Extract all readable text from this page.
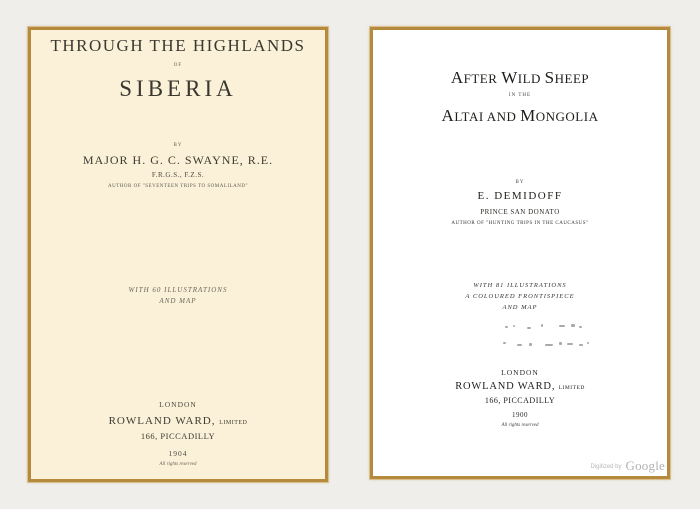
THROUGH THE HIGHLANDS
OF
SIBERIA
BY
MAJOR H. G. C. SWAYNE, R.E.
F.R.G.S., F.Z.S.
AUTHOR OF "SEVENTEEN TRIPS TO SOMALILAND"
WITH 60 ILLUSTRATIONS
AND MAP
LONDON
ROWLAND WARD, LIMITED
166, PICCADILLY
1904
All rights reserved
AFTER WILD SHEEP
IN THE
ALTAI AND MONGOLIA
BY
E. DEMIDOFF
PRINCE SAN DONATO
AUTHOR OF "HUNTING TRIPS IN THE CAUCASUS"
WITH 81 ILLUSTRATIONS
A COLOURED FRONTISPIECE
AND MAP
LONDON
ROWLAND WARD, LIMITED
166, PICCADILLY
1900
All rights reserved
Digitized by Google
